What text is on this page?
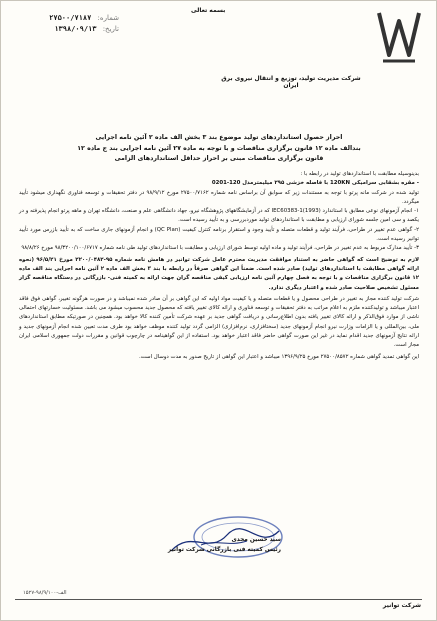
بسمه تعالی
شماره: ۲۷۵۰۰/۷۱۸۷
تاریخ: ۱۳۹۸/۰۹/۱۳
شرکت مدیریت تولید، توزیع و انتقال نیروی برق ایران
احراز حصول استانداردهای تولید موضوع بند ۳ بخش الف ماده ۲ آئین نامه اجرایی
بندالف ماده ۱۲ قانون برگزاری مناقصات و با توجه به ماده ۲۷ آئین نامه اجرایی بند ج ماده ۱۲
قانون برگزاری مناقصات مبنی بر احراز حداقل استانداردهای الزامی

بدینوسیله مطابقت با استانداردهای تولید در رابطه با :

- مقره بشقابی سرامیکی 120KN با فاصله خزشی ۲۹۵ میلیمترمدل 120-0201

تولید شده در شرکت مانه پرتو با توجه به مستندات زیر که سوابق آن براساس نامه شماره ۲۷۵۰۰/۷۱۶۲ مورخ ۹۸/۹/۱۲ در دفتر تحقیقات و توسعه فناوری نگهداری میشود تأیید میگردد.

۱- انجام آزمونهای نوعی مطابق با استاندارد IEC60383-1(1993) که در آزمایشگاههای پژوهشگاه نیرو، جهاد دانشگاهی علم و صنعت، دانشگاه تهران و ماهه پرتو انجام پذیرفته و در یکصد و سی امین جلسه شورای ارزیابی و مطابقت با استانداردهای تولید موردبررسی و به تأیید رسیده است.

۲- گواهی عدم تغییر در طراحی، فرآیند تولید و قطعات متصله و تأیید وجود و استقرار برنامه کنترل کیفیت (QC Plan) و انجام آزمونهای جاری ساخت که به تأیید بازرس مورد تأیید توانیر رسیده است.

۳- تأیید مدارک مربوط به عدم تغییر در طراحی، فرآیند تولید و ماده اوليه توسط شورای ارزیابی و مطابقت با استانداردهای تولید طی نامه شماره ۹۸/۳۲۰۰/۱۰۰/۶۷۱۷ مورخ ۹۸/۸/۲۶

لازم به توضیح است که گواهی حاضر به استناد موافقت مدیریت محترم عامل شرکت توانیر در هامش نامه شماره ۹۵-۲۲۰۰/۰۴۸۲ مورخ ۹۶/۵/۲۱ (نحوه ارائه گواهی مطابقت با استانداردهای تولید) صادر شده است. ضمناً این گواهی صرفاً در رابطه با بند ۳ بخش الف ماده ۲ آئین نامه اجرایی بند الف ماده ۱۲ قانون برگزاری مناقصات و با توجه به فصل چهارم آئین نامه ارزیابی کیفی مناقصه گران جهت ارائه به کمیته فنی- بازرگانی در دستگاه مناقصه گزار مسئول تشخیص صلاحیت صادر شده و اعتبار دیگری ندارد.

شرکت تولید کننده مجاز به تغییر در طراحی محصول و یا قطعات متصله و یا کیفیت مواد اولیه که این گواهی بر آن صادر شده نمیباشد و در صورت هرگونه تغییر، گواهی فوق فاقد اعتبار میباشد و تولیدکننده ملزم به اعلام مراتب به دفتر تحقیقات و توسعه فناوری و ارائه کالای تغییر یافته که محصول جدید محسوب میشود می باشد. مسئولیت خسارتهای احتمالی ناشی از موارد فوق‌الذکر و ارائه کالای تغییر یافته بدون اطلاع‌رسانی و دریافت گواهی جدید بر عهده شرکت تأمین کننده کالا خواهد بود. همچنین در صورتیکه مطابق استانداردهای ملی، بین‌المللی و یا الزامات وزارت نیرو انجام آزمونهای جدید (سختافزاری، نرم‌افزاری) الزامی گردد تولید کننده موظف خواهد بود طرف مدت تعیین شده انجام آزمونهای جدید و ارائه نتایج آزمونهای جدید اقدام نماید در غیر این صورت گواهی حاضر فاقد اعتبار خواهد بود. استفاده از این گواهینامه در چارچوب قوانین و مقررات دولت جمهوری اسلامی ایران مجاز است.

این گواهی تمدید گواهی شماره ۲۷۵۰۰/۸۵۷۲ مورخ ۱۳۹۶/۹/۲۵ میباشد و اعتبار این گواهی از تاریخ صدور به مدت دوسال است.

سید حسین مجدی
رئیس کمیته فنی بازرگانی شرکت توانیر
الف-۹۸/۹/۱۰۰-۱۵۲۷
شرکت توانیر
